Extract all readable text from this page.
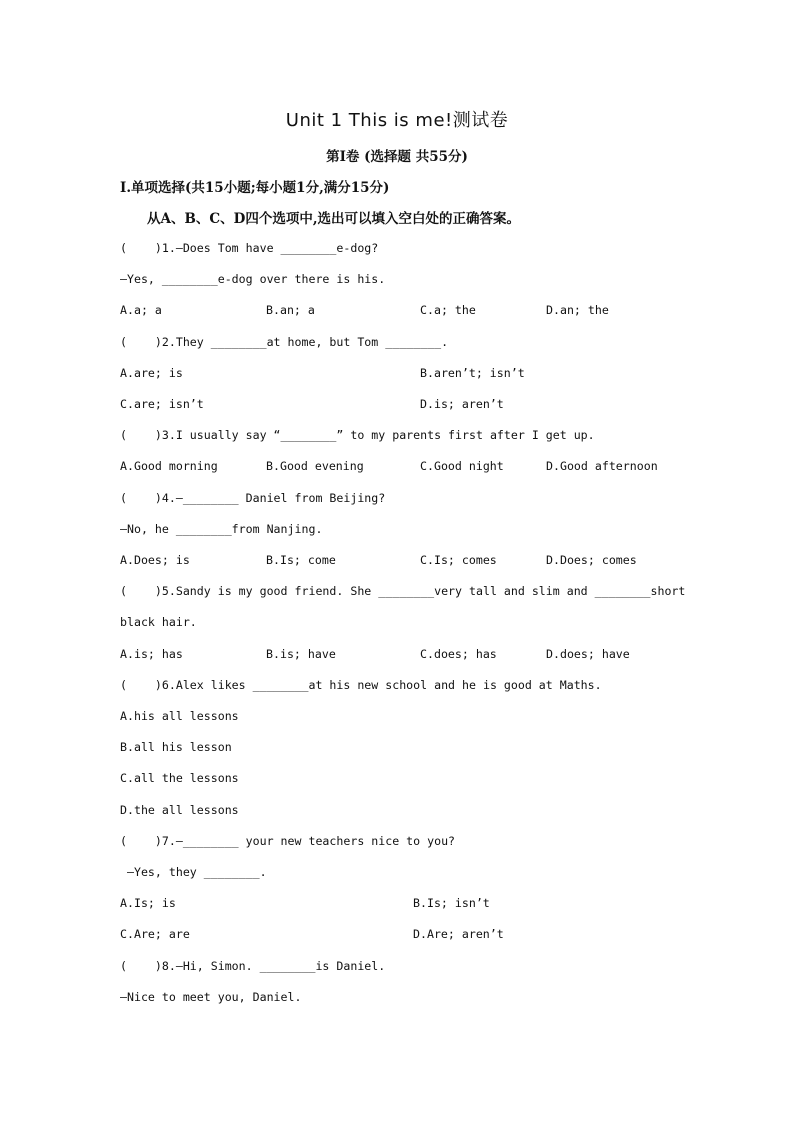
Unit 1 This is me!测试卷
第Ⅰ卷 (选择题 共55分)
Ⅰ.单项选择(共15小题;每小题1分,满分15分)
从A、B、C、D四个选项中,选出可以填入空白处的正确答案。
(    )1.—Does Tom have ________e-dog?
—Yes, ________e-dog over there is his.
A.a; a	B.an; a	C.a; the	D.an; the
(    )2.They ________at home, but Tom ________.
A.are; is	B.aren’t; isn’t
C.are; isn’t	D.is; aren’t
(    )3.I usually say “________” to my parents first after I get up.
A.Good morning	B.Good evening	C.Good night	D.Good afternoon
(    )4.—________ Daniel from Beijing?
—No, he ________from Nanjing.
A.Does; is	B.Is; come	C.Is; comes	D.Does; comes
(    )5.Sandy is my good friend. She ________very tall and slim and ________short
black hair.
A.is; has	B.is; have	C.does; has	D.does; have
(    )6.Alex likes ________at his new school and he is good at Maths.
A.his all lessons
B.all his lesson
C.all the lessons
D.the all lessons
(    )7.—________ your new teachers nice to you?
—Yes, they ________.
A.Is; is	B.Is; isn’t
C.Are; are	D.Are; aren’t
(    )8.—Hi, Simon. ________is Daniel.
—Nice to meet you, Daniel.
